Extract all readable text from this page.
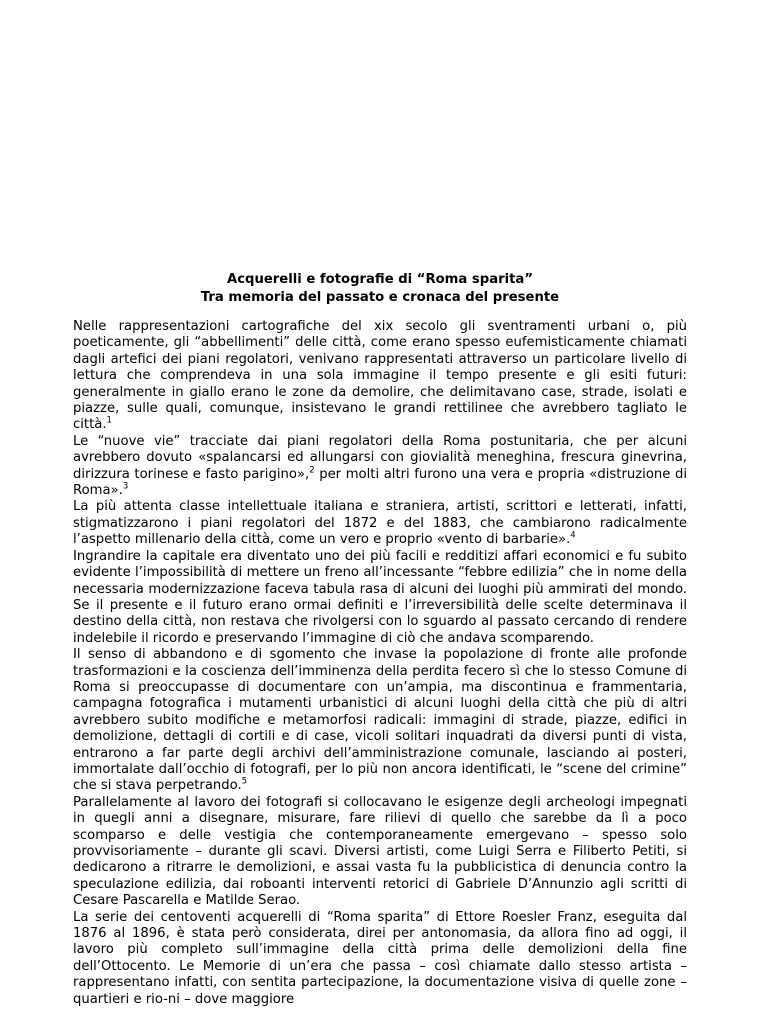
Acquerelli e fotografie di “Roma sparita”

Tra memoria del passato e cronaca del presente

Nelle rappresentazioni cartografiche del xix secolo gli sventramenti urbani o, più poeticamente, gli “abbellimenti” delle città, come erano spesso eufemisticamente chiamati dagli artefici dei piani regolatori, venivano rappresentati attraverso un particolare livello di lettura che comprendeva in una sola immagine il tempo presente e gli esiti futuri: generalmente in giallo erano le zone da demolire, che delimitavano case, strade, isolati e piazze, sulle quali, comunque, insistevano le grandi rettilinee che avrebbero tagliato le città.$^1$

Le “nuove vie” tracciate dai piani regolatori della Roma postunitaria, che per alcuni avrebbero dovuto «spalancarsi ed allungarsi con giovialità meneghina, frescura ginevrina, dirizzura torinese e fasto parigino»,$^2$ per molti altri furono una vera e propria «distruzione di Roma».$^3$

La più attenta classe intellettuale italiana e straniera, artisti, scrittori e letterati, infatti, stigmatizzarono i piani regolatori del 1872 e del 1883, che cambiarono radicalmente l’aspetto millenario della città, come un vero e proprio «vento di barbarie».$^4$

Ingrandire la capitale era diventato uno dei più facili e redditizi affari economici e fu subito evidente l’impossibilità di mettere un freno all’incessante “febbre edilizia” che in nome della necessaria modernizzazione faceva tabula rasa di alcuni dei luoghi più ammirati del mondo. Se il presente e il futuro erano ormai definiti e l’irreversibilità delle scelte determinava il destino della città, non restava che rivolgersi con lo sguardo al passato cercando di rendere indelebile il ricordo e preservando l’immagine di ciò che andava scomparendo.

Il senso di abbandono e di sgomento che invase la popolazione di fronte alle profonde trasformazioni e la coscienza dell’imminenza della perdita fecero sì che lo stesso Comune di Roma si preoccupasse di documentare con un’ampia, ma discontinua e frammentaria, campagna fotografica i mutamenti urbanistici di alcuni luoghi della città che più di altri avrebbero subito modifiche e metamorfosi radicali: immagini di strade, piazze, edifici in demolizione, dettagli di cortili e di case, vicoli solitari inquadrati da diversi punti di vista, entrarono a far parte degli archivi dell’amministrazione comunale, lasciando ai posteri, immortalate dall’occhio di fotografi, per lo più non ancora identificati, le “scene del crimine” che si stava perpetrando.$^5$

Parallelamente al lavoro dei fotografi si collocavano le esigenze degli archeologi impegnati in quegli anni a disegnare, misurare, fare rilievi di quello che sarebbe da lì a poco scomparso e delle vestigia che contemporaneamente emergevano – spesso solo provvisoriamente – durante gli scavi. Diversi artisti, come Luigi Serra e Filiberto Petiti, si dedicarono a ritrarre le demolizioni, e assai vasta fu la pubblicistica di denuncia contro la speculazione edilizia, dai roboanti interventi retorici di Gabriele D’Annunzio agli scritti di Cesare Pascarella e Matilde Serao.

La serie dei centoventi acquerelli di “Roma sparita” di Ettore Roesler Franz, eseguita dal 1876 al 1896, è stata però considerata, direi per antonomasia, da allora fino ad oggi, il lavoro più completo sull’immagine della città prima delle demolizioni della fine dell’Ottocento. Le Memorie di un’era che passa – così chiamate dallo stesso artista – rappresentano infatti, con sentita partecipazione, la documentazione visiva di quelle zone – quartieri e rio-ni – dove maggiore
